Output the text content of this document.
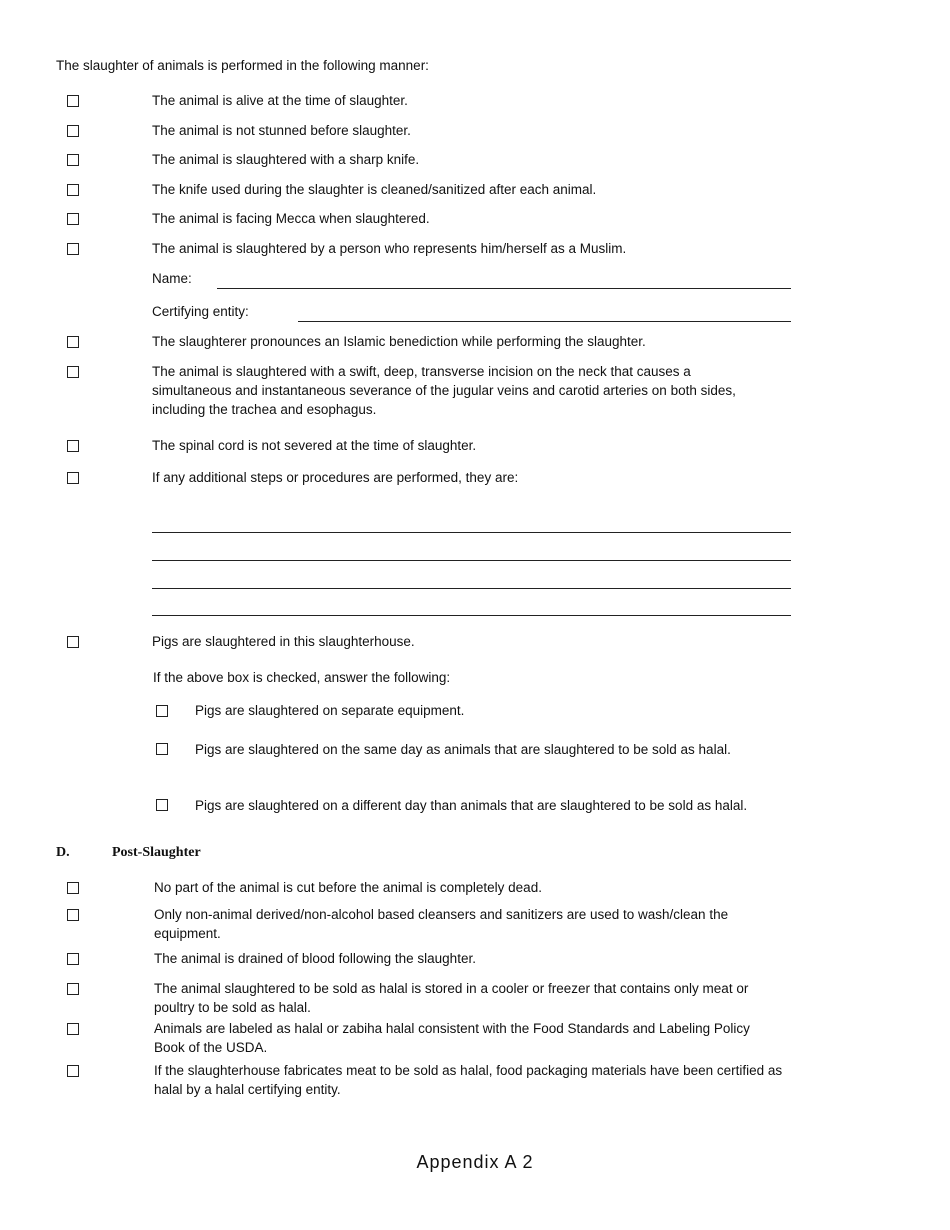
The slaughter of animals is performed in the following manner:
The animal is alive at the time of slaughter.
The animal is not stunned before slaughter.
The animal is slaughtered with a sharp knife.
The knife used during the slaughter is cleaned/sanitized after each animal.
The animal is facing Mecca when slaughtered.
The animal is slaughtered by a person who represents him/herself as a Muslim.
Name:
Certifying entity:
The slaughterer pronounces an Islamic benediction while performing the slaughter.
The animal is slaughtered with a swift, deep, transverse incision on the neck that causes a simultaneous and instantaneous severance of the jugular veins and carotid arteries on both sides, including the trachea and esophagus.
The spinal cord is not severed at the time of slaughter.
If any additional steps or procedures are performed, they are:
Pigs are slaughtered in this slaughterhouse.
If the above box is checked, answer the following:
Pigs are slaughtered on separate equipment.
Pigs are slaughtered on the same day as animals that are slaughtered to be sold as halal.
Pigs are slaughtered on a different day than animals that are slaughtered to be sold as halal.
D.	Post-Slaughter
No part of the animal is cut before the animal is completely dead.
Only non-animal derived/non-alcohol based cleansers and sanitizers are used to wash/clean the equipment.
The animal is drained of blood following the slaughter.
The animal slaughtered to be sold as halal is stored in a cooler or freezer that contains only meat or poultry to be sold as halal.
Animals are labeled as halal or zabiha halal consistent with the Food Standards and Labeling Policy Book of the USDA.
If the slaughterhouse fabricates meat to be sold as halal, food packaging materials have been certified as halal by a halal certifying entity.
Appendix A 2
